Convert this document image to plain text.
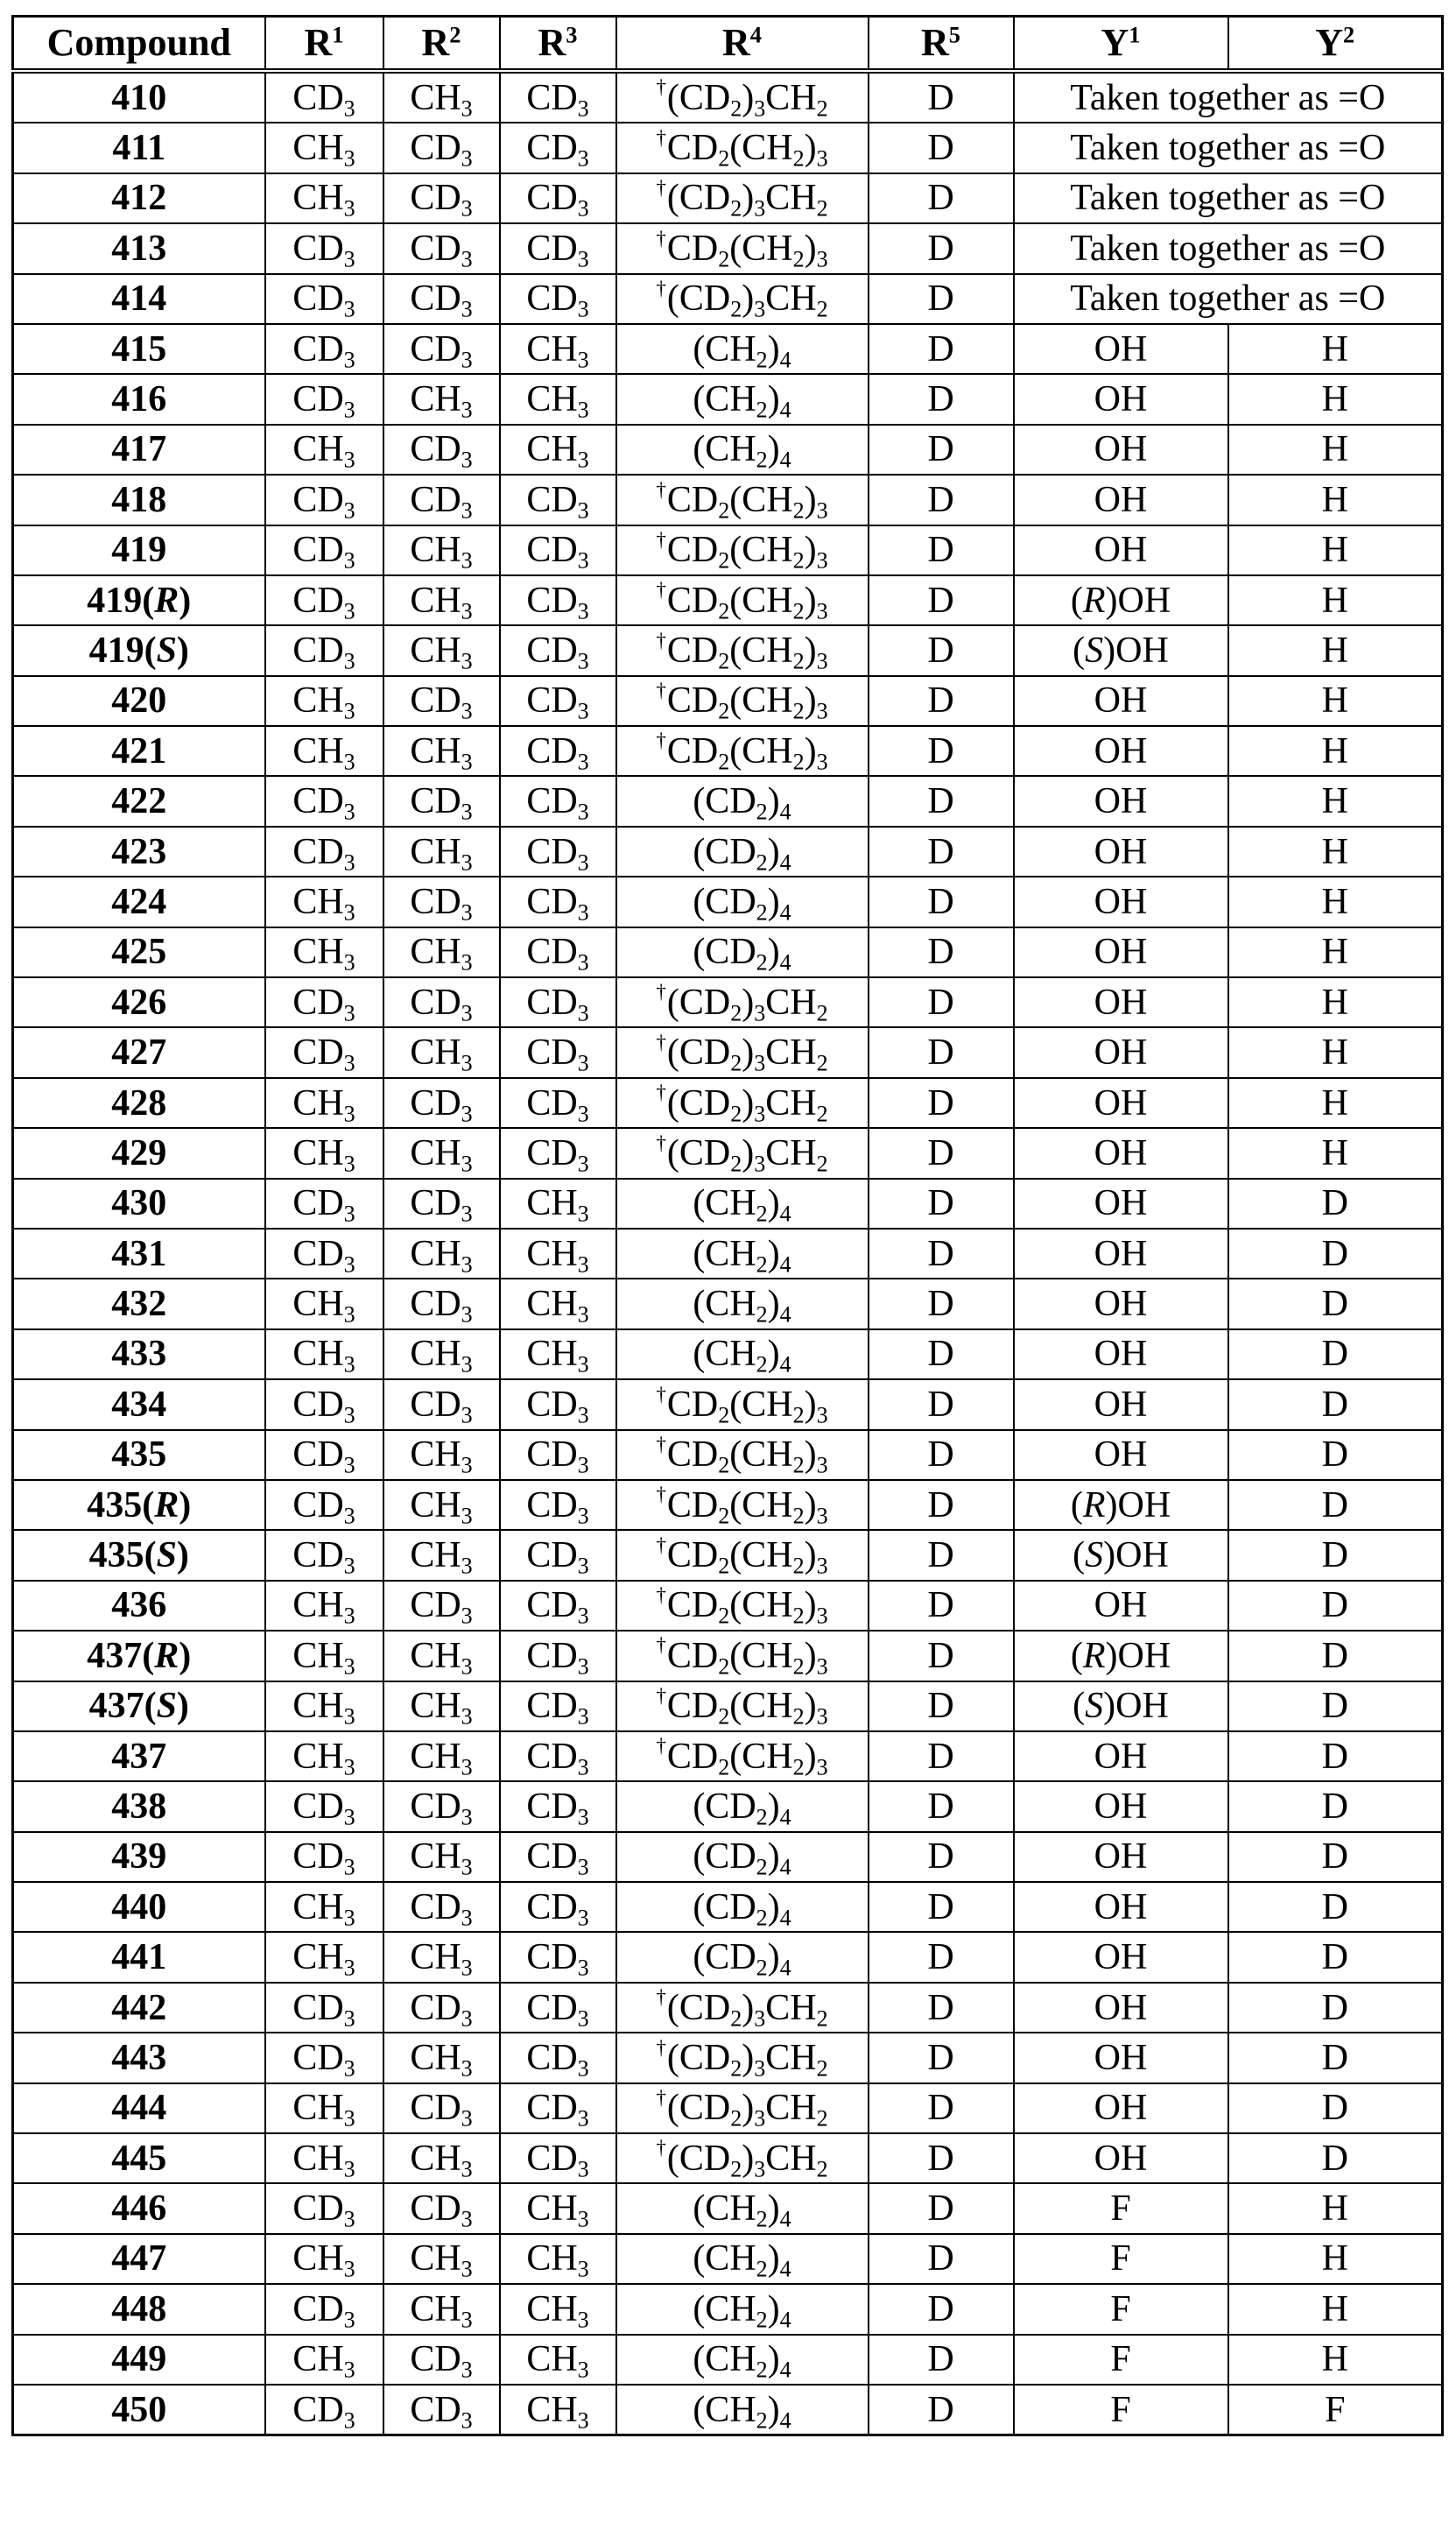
Compound	$R^1$	$R^2$	$R^3$	$R^4$	$R^5$	$Y^1$	$Y^2$
410	$CD_3$	$CH_3$	$CD_3$	$^\dagger(CD_2)_3CH_2$	D	Taken together as =O	
411	$CH_3$	$CD_3$	$CD_3$	$^\dagger CD_2(CH_2)_3$	D	Taken together as =O	
412	$CH_3$	$CD_3$	$CD_3$	$^\dagger(CD_2)_3CH_2$	D	Taken together as =O	
413	$CD_3$	$CD_3$	$CD_3$	$^\dagger CD_2(CH_2)_3$	D	Taken together as =O	
414	$CD_3$	$CD_3$	$CD_3$	$^\dagger(CD_2)_3CH_2$	D	Taken together as =O	
415	$CD_3$	$CD_3$	$CH_3$	$(CH_2)_4$	D	OH	H
416	$CD_3$	$CH_3$	$CH_3$	$(CH_2)_4$	D	OH	H
417	$CH_3$	$CD_3$	$CH_3$	$(CH_2)_4$	D	OH	H
418	$CD_3$	$CD_3$	$CD_3$	$^\dagger CD_2(CH_2)_3$	D	OH	H
419	$CD_3$	$CH_3$	$CD_3$	$^\dagger CD_2(CH_2)_3$	D	OH	H
419(R)	$CD_3$	$CH_3$	$CD_3$	$^\dagger CD_2(CH_2)_3$	D	(R)OH	H
419(S)	$CD_3$	$CH_3$	$CD_3$	$^\dagger CD_2(CH_2)_3$	D	(S)OH	H
420	$CH_3$	$CD_3$	$CD_3$	$^\dagger CD_2(CH_2)_3$	D	OH	H
421	$CH_3$	$CH_3$	$CD_3$	$^\dagger CD_2(CH_2)_3$	D	OH	H
422	$CD_3$	$CD_3$	$CD_3$	$(CD_2)_4$	D	OH	H
423	$CD_3$	$CH_3$	$CD_3$	$(CD_2)_4$	D	OH	H
424	$CH_3$	$CD_3$	$CD_3$	$(CD_2)_4$	D	OH	H
425	$CH_3$	$CH_3$	$CD_3$	$(CD_2)_4$	D	OH	H
426	$CD_3$	$CD_3$	$CD_3$	$^\dagger(CD_2)_3CH_2$	D	OH	H
427	$CD_3$	$CH_3$	$CD_3$	$^\dagger(CD_2)_3CH_2$	D	OH	H
428	$CH_3$	$CD_3$	$CD_3$	$^\dagger(CD_2)_3CH_2$	D	OH	H
429	$CH_3$	$CH_3$	$CD_3$	$^\dagger(CD_2)_3CH_2$	D	OH	H
430	$CD_3$	$CD_3$	$CH_3$	$(CH_2)_4$	D	OH	D
431	$CD_3$	$CH_3$	$CH_3$	$(CH_2)_4$	D	OH	D
432	$CH_3$	$CD_3$	$CH_3$	$(CH_2)_4$	D	OH	D
433	$CH_3$	$CH_3$	$CH_3$	$(CH_2)_4$	D	OH	D
434	$CD_3$	$CD_3$	$CD_3$	$^\dagger CD_2(CH_2)_3$	D	OH	D
435	$CD_3$	$CH_3$	$CD_3$	$^\dagger CD_2(CH_2)_3$	D	OH	D
435(R)	$CD_3$	$CH_3$	$CD_3$	$^\dagger CD_2(CH_2)_3$	D	(R)OH	D
435(S)	$CD_3$	$CH_3$	$CD_3$	$^\dagger CD_2(CH_2)_3$	D	(S)OH	D
436	$CH_3$	$CD_3$	$CD_3$	$^\dagger CD_2(CH_2)_3$	D	OH	D
437(R)	$CH_3$	$CH_3$	$CD_3$	$^\dagger CD_2(CH_2)_3$	D	(R)OH	D
437(S)	$CH_3$	$CH_3$	$CD_3$	$^\dagger CD_2(CH_2)_3$	D	(S)OH	D
437	$CH_3$	$CH_3$	$CD_3$	$^\dagger CD_2(CH_2)_3$	D	OH	D
438	$CD_3$	$CD_3$	$CD_3$	$(CD_2)_4$	D	OH	D
439	$CD_3$	$CH_3$	$CD_3$	$(CD_2)_4$	D	OH	D
440	$CH_3$	$CD_3$	$CD_3$	$(CD_2)_4$	D	OH	D
441	$CH_3$	$CH_3$	$CD_3$	$(CD_2)_4$	D	OH	D
442	$CD_3$	$CD_3$	$CD_3$	$^\dagger(CD_2)_3CH_2$	D	OH	D
443	$CD_3$	$CH_3$	$CD_3$	$^\dagger(CD_2)_3CH_2$	D	OH	D
444	$CH_3$	$CD_3$	$CD_3$	$^\dagger(CD_2)_3CH_2$	D	OH	D
445	$CH_3$	$CH_3$	$CD_3$	$^\dagger(CD_2)_3CH_2$	D	OH	D
446	$CD_3$	$CD_3$	$CH_3$	$(CH_2)_4$	D	F	H
447	$CH_3$	$CH_3$	$CH_3$	$(CH_2)_4$	D	F	H
448	$CD_3$	$CH_3$	$CH_3$	$(CH_2)_4$	D	F	H
449	$CH_3$	$CD_3$	$CH_3$	$(CH_2)_4$	D	F	H
450	$CD_3$	$CD_3$	$CH_3$	$(CH_2)_4$	D	F	F
